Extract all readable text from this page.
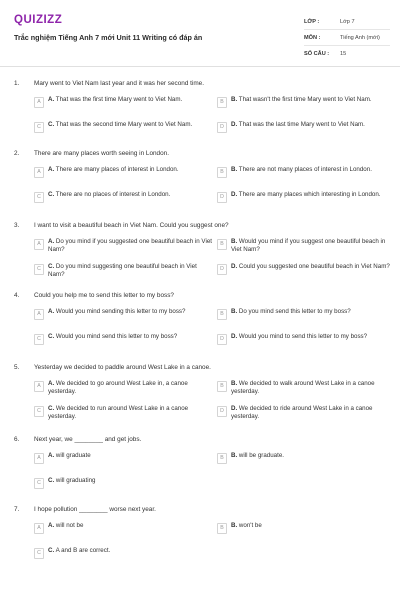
QUIZIZZ
Trắc nghiệm Tiếng Anh 7 mới Unit 11 Writing có đáp án
LỚP :	Lớp 7
MÔN :	Tiếng Anh (mới)
SỐ CÂU :	15
1. Mary went to Viet Nam last year and it was her second time.
A	A. That was the first time Mary went to Viet Nam.	B	B. That wasn't the first time Mary went to Viet Nam.
C	C. That was the second time Mary went to Viet Nam.	D	D. That was the last time Mary went to Viet Nam.
2. There are many places worth seeing in London.
A	A. There are many places of interest in London.	B	B. There are not many places of interest in London.
C	C. There are no places of interest in London.	D	D. There are many places which interesting in London.
3. I want to visit a beautiful beach in Viet Nam. Could you suggest one?
A	A. Do you mind if you suggested one beautiful beach in Viet Nam?
B	B. Would you mind if you suggest one beautiful beach in Viet Nam?
C	C. Do you mind suggesting one beautiful beach in Viet Nam?
D	D. Could you suggested one beautiful beach in Viet Nam?
4. Could you help me to send this letter to my boss?
A	A. Would you mind sending this letter to my boss?	B	B. Do you mind send this letter to my boss?
C	C. Would you mind send this letter to my boss?	D	D. Would you mind to send this letter to my boss?
5. Yesterday we decided to paddle around West Lake in a canoe.
A	A. We decided to go around West Lake in, a canoe yesterday.
B	B. We decided to walk around West Lake in a canoe yesterday.
C	C. We decided to run around West Lake in a canoe yesterday.
D	D. We decided to ride around West Lake in a canoe yesterday.
6. Next year, we ________ and get jobs.
A	A. will graduate	B	B. will be graduate.
C	C. will graduating
7. I hope pollution ________ worse next year.
A	A. will not be	B	B. won't be
C	C. A and B are correct.
